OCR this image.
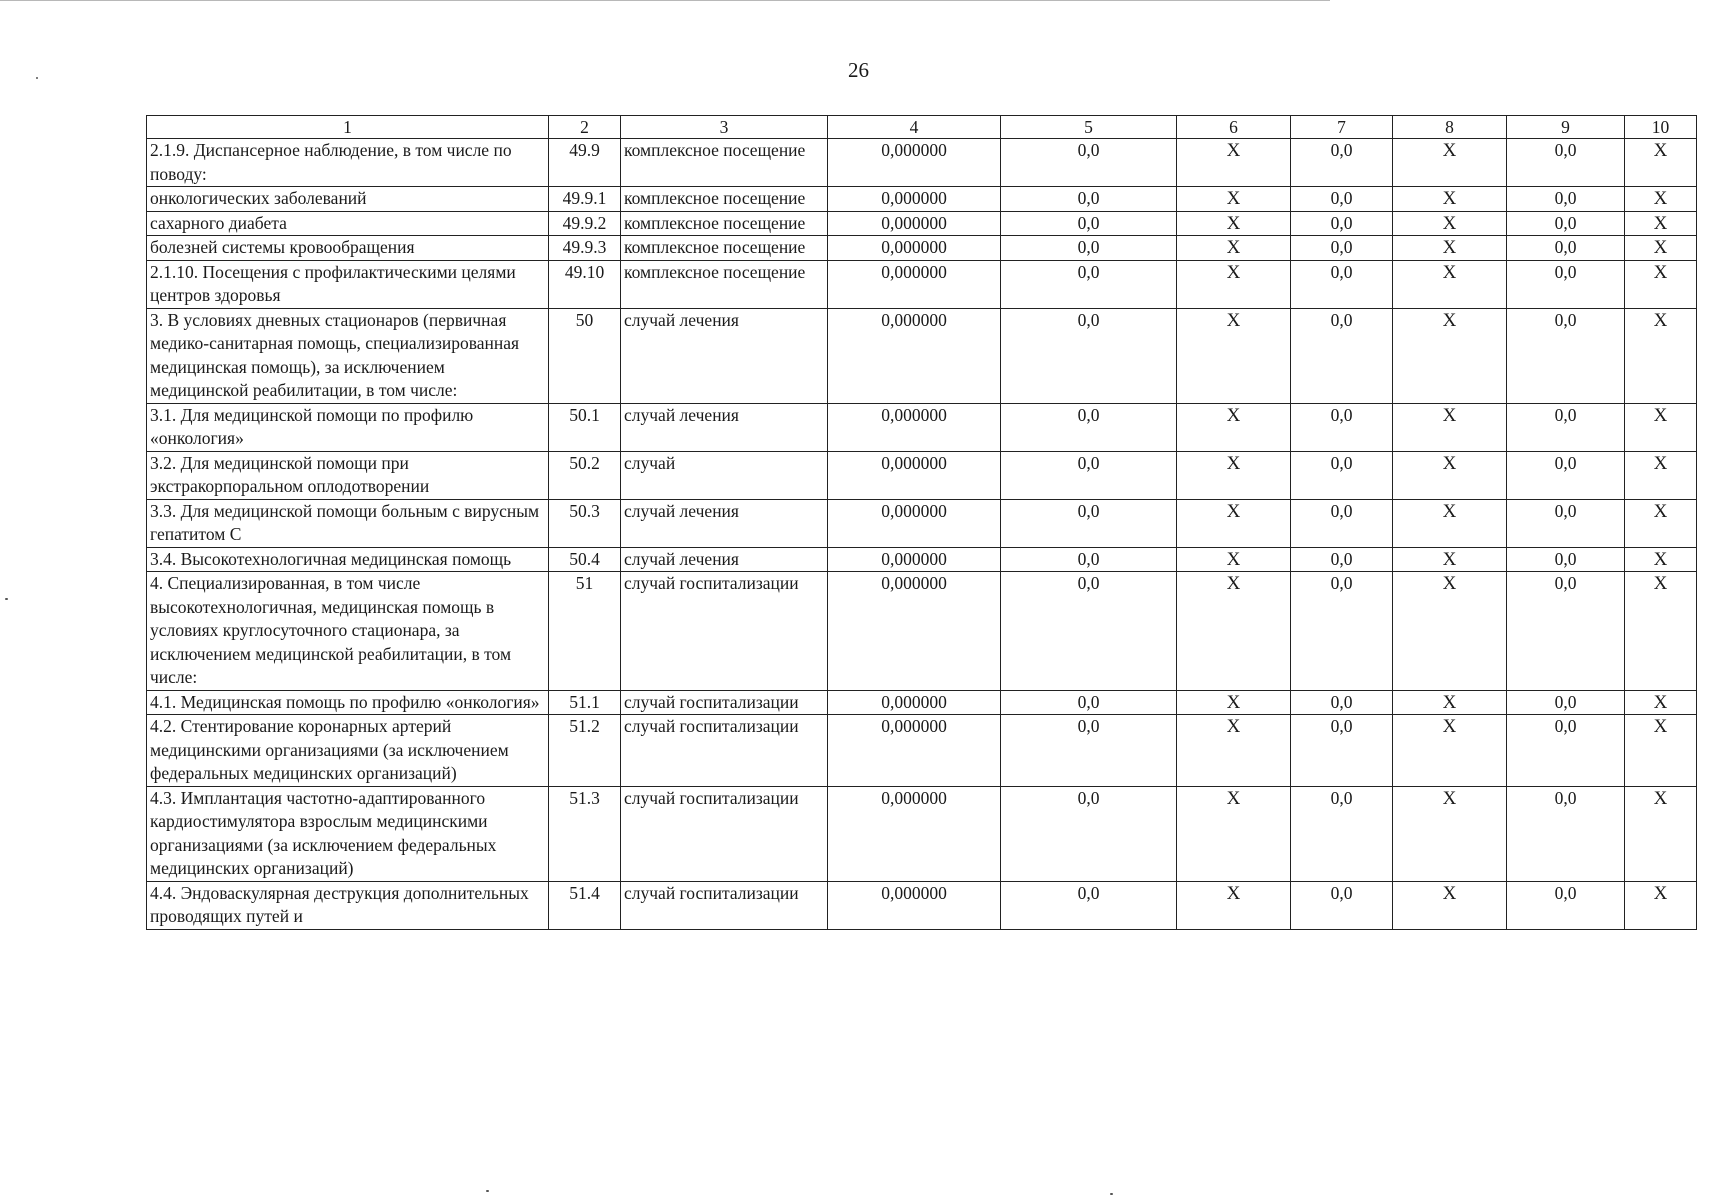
26
1	2	3	4	5	6	7	8	9	10
2.1.9. Диспансерное наблюдение, в том числе по поводу:	49.9	комплексное посещение	0,000000	0,0	X	0,0	X	0,0	X
онкологических заболеваний	49.9.1	комплексное посещение	0,000000	0,0	X	0,0	X	0,0	X
сахарного диабета	49.9.2	комплексное посещение	0,000000	0,0	X	0,0	X	0,0	X
болезней системы кровообращения	49.9.3	комплексное посещение	0,000000	0,0	X	0,0	X	0,0	X
2.1.10. Посещения с профилактическими целями центров здоровья	49.10	комплексное посещение	0,000000	0,0	X	0,0	X	0,0	X
3. В условиях дневных стационаров (первичная медико-санитарная помощь, специализированная медицинская помощь), за исключением медицинской реабилитации, в том числе:	50	случай лечения	0,000000	0,0	X	0,0	X	0,0	X
3.1. Для медицинской помощи по профилю «онкология»	50.1	случай лечения	0,000000	0,0	X	0,0	X	0,0	X
3.2. Для медицинской помощи при экстракорпоральном оплодотворении	50.2	случай	0,000000	0,0	X	0,0	X	0,0	X
3.3. Для медицинской помощи больным с вирусным гепатитом С	50.3	случай лечения	0,000000	0,0	X	0,0	X	0,0	X
3.4. Высокотехнологичная медицинская помощь	50.4	случай лечения	0,000000	0,0	X	0,0	X	0,0	X
4. Специализированная, в том числе высокотехнологичная, медицинская помощь в условиях круглосуточного стационара, за исключением медицинской реабилитации, в том числе:	51	случай госпитализации	0,000000	0,0	X	0,0	X	0,0	X
4.1. Медицинская помощь по профилю «онкология»	51.1	случай госпитализации	0,000000	0,0	X	0,0	X	0,0	X
4.2. Стентирование коронарных артерий медицинскими организациями (за исключением федеральных медицинских организаций)	51.2	случай госпитализации	0,000000	0,0	X	0,0	X	0,0	X
4.3. Имплантация частотно-адаптированного кардиостимулятора взрослым медицинскими организациями (за исключением федеральных медицинских организаций)	51.3	случай госпитализации	0,000000	0,0	X	0,0	X	0,0	X
4.4. Эндоваскулярная деструкция дополнительных проводящих путей и	51.4	случай госпитализации	0,000000	0,0	X	0,0	X	0,0	X
